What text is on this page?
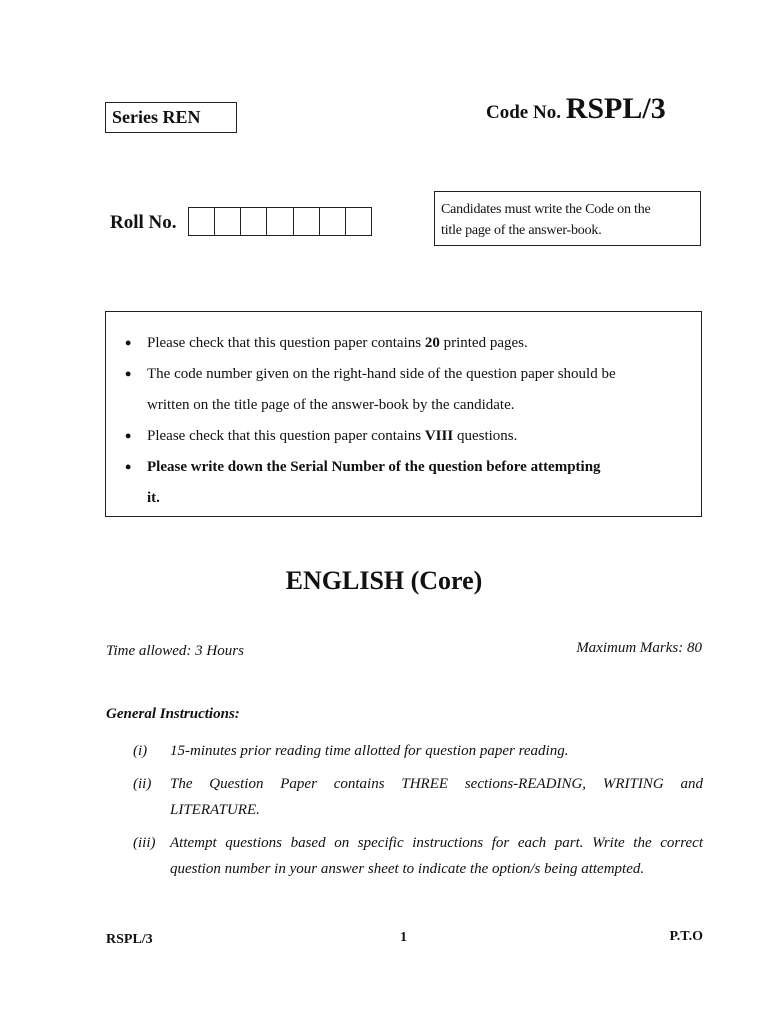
Series REN	Code No. RSPL/3
Roll No.
Candidates must write the Code on the
title page of the answer-book.
• Please check that this question paper contains 20 printed pages.
• The code number given on the right-hand side of the question paper should be
written on the title page of the answer-book by the candidate.
• Please check that this question paper contains VIII questions.
• Please write down the Serial Number of the question before attempting
it.
ENGLISH (Core)
Time allowed: 3 Hours	Maximum Marks: 80
General Instructions:
(i)	15-minutes prior reading time allotted for question paper reading.
(ii)	The Question Paper contains THREE sections-READING, WRITING and LITERATURE.
(iii) Attempt questions based on specific instructions for each part. Write the correct question number in your answer sheet to indicate the option/s being attempted.
RSPL/3	1	P.T.O
